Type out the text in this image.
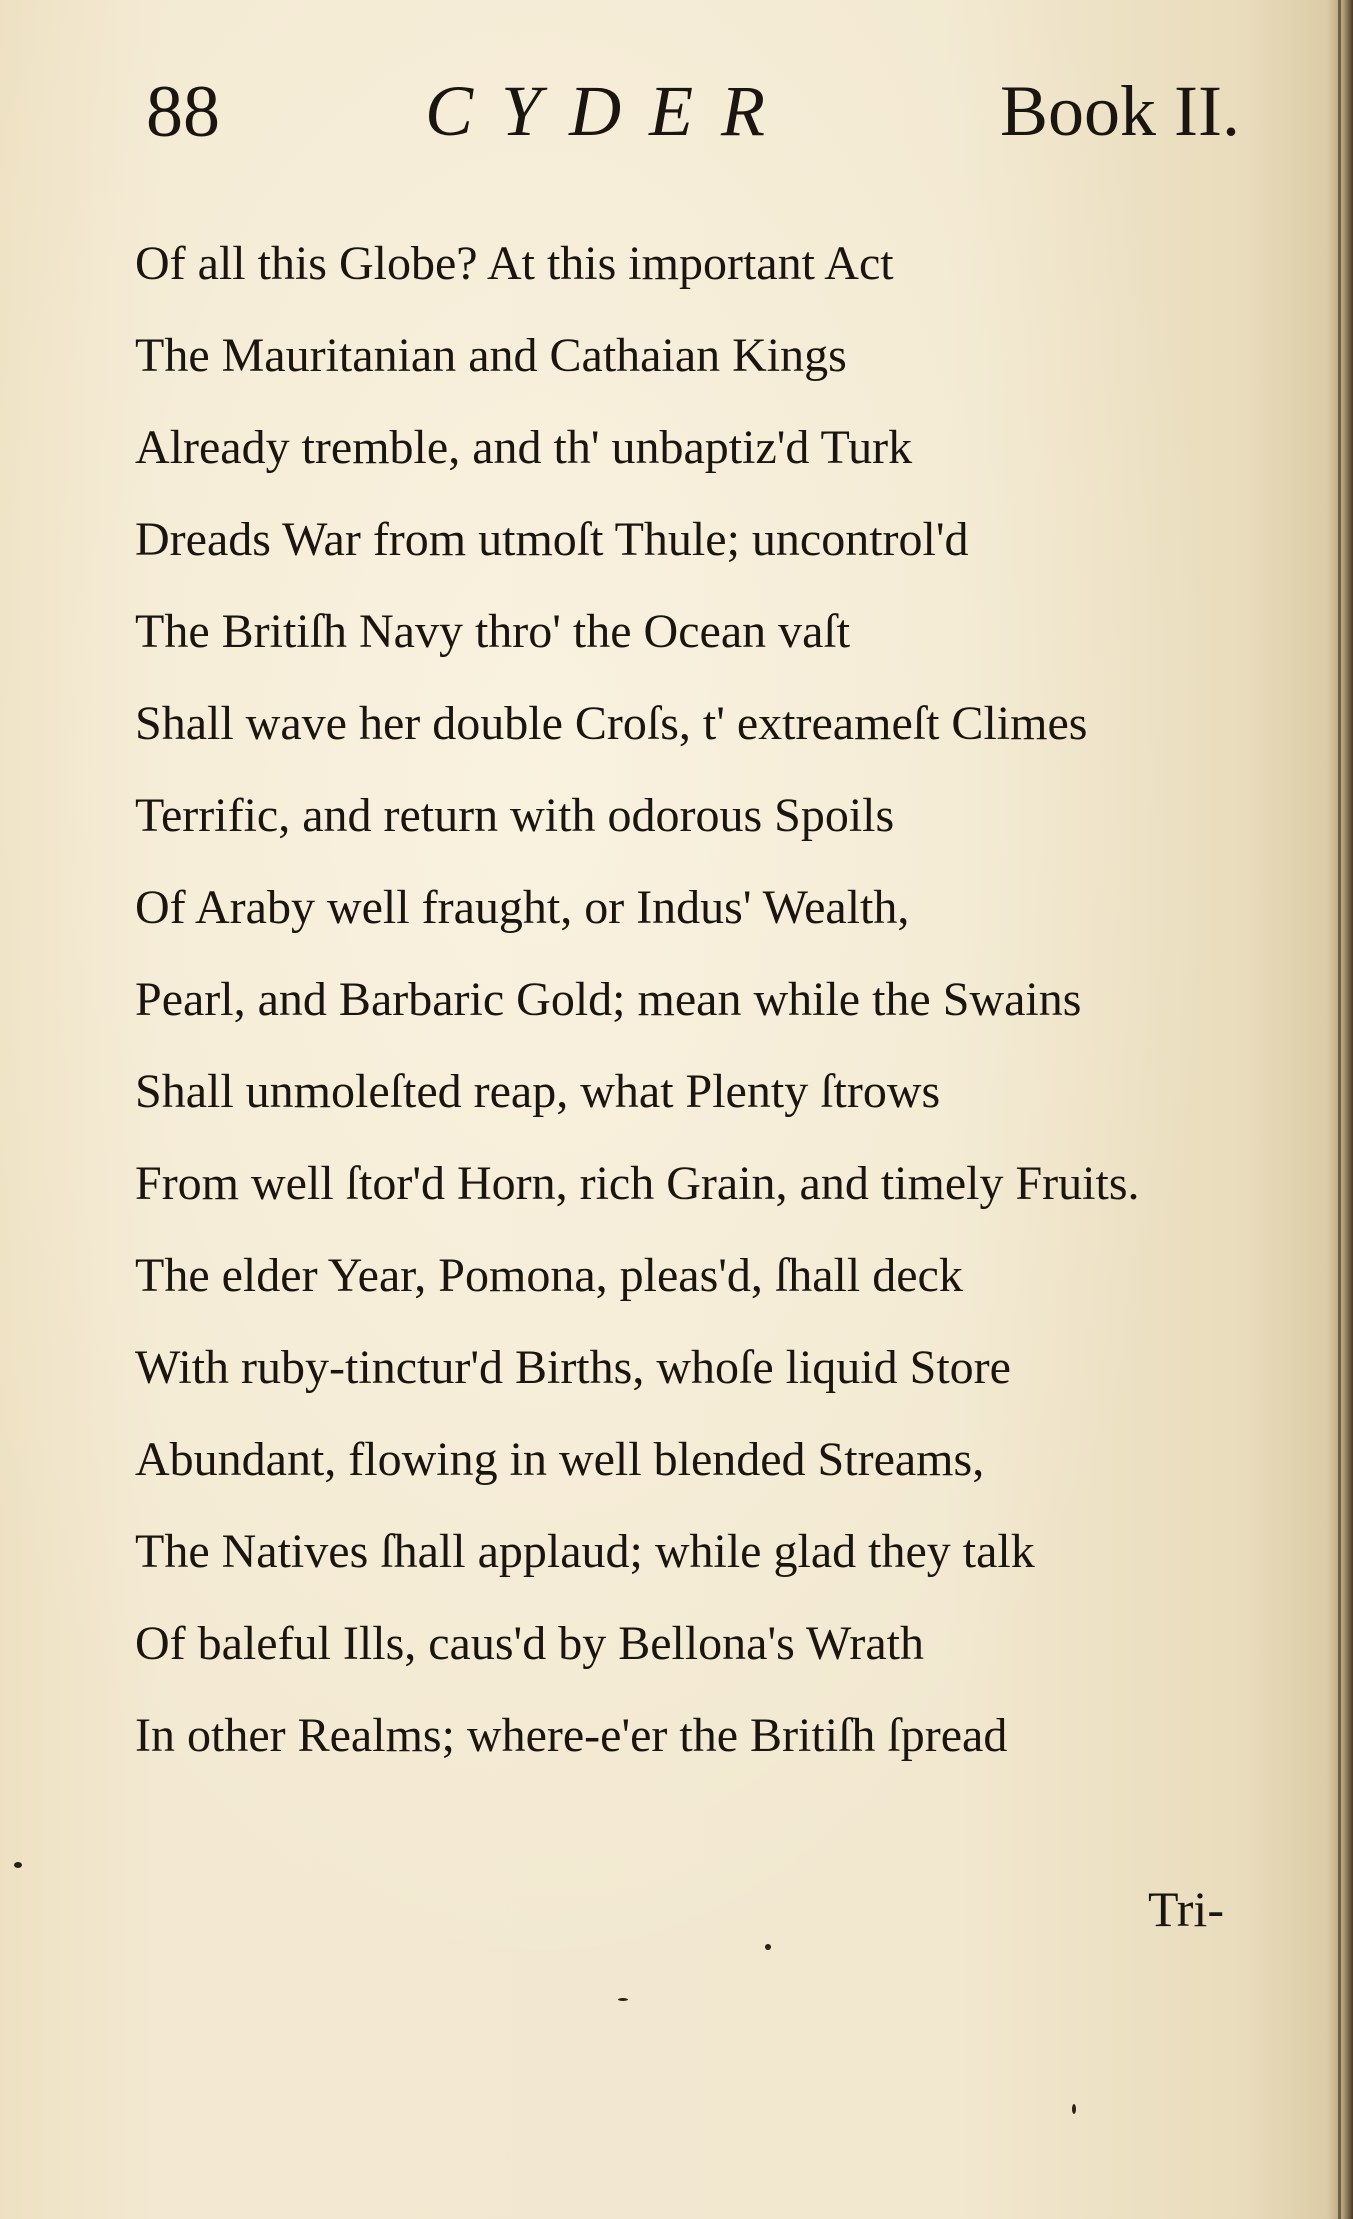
88	CYDER	Book II.
Of all this Globe? At this important Act
The Mauritanian and Cathaian Kings
Already tremble, and th' unbaptiz'd Turk
Dreads War from utmoſt Thule; uncontrol'd
The Britiſh Navy thro' the Ocean vaſt
Shall wave her double Croſs, t' extreameſt Climes
Terrific, and return with odorous Spoils
Of Araby well fraught, or Indus' Wealth,
Pearl, and Barbaric Gold; mean while the Swains
Shall unmoleſted reap, what Plenty ſtrows
From well ſtor'd Horn, rich Grain, and timely Fruits.
The elder Year, Pomona, pleas'd, ſhall deck
With ruby-tinctur'd Births, whoſe liquid Store
Abundant, flowing in well blended Streams,
The Natives ſhall applaud; while glad they talk
Of baleful Ills, caus'd by Bellona's Wrath
In other Realms; where-e'er the Britiſh ſpread
Tri-
